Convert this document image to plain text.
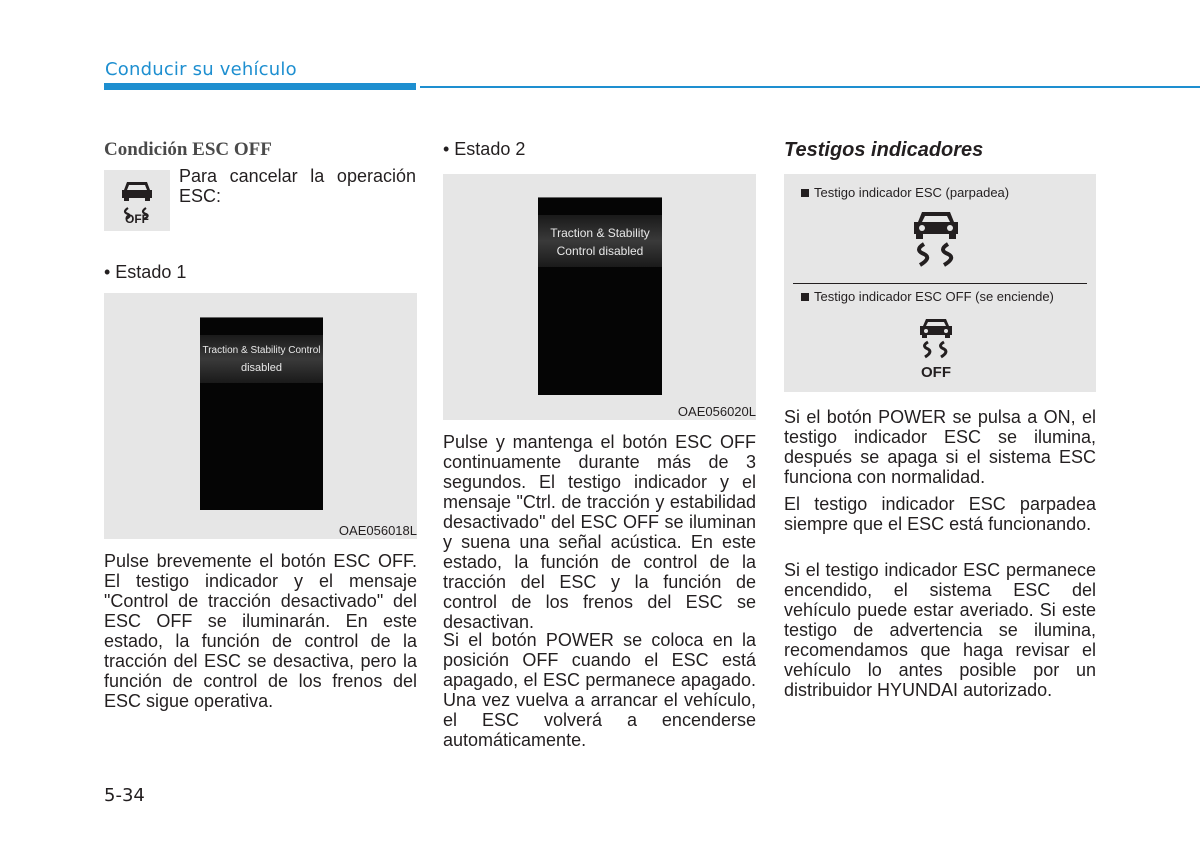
Conducir su vehículo
Condición ESC OFF
OFF

Para cancelar la operación ESC:

• Estado 1
Traction & Stability Control
disabled
OAE056018L

Pulse brevemente el botón ESC OFF. El testigo indicador y el mensaje "Control de tracción desactivado" del ESC OFF se iluminarán. En este estado, la función de control de la tracción del ESC se desactiva, pero la función de control de los frenos del ESC sigue operativa.

• Estado 2
Traction & Stability
Control disabled
OAE056020L

Pulse y mantenga el botón ESC OFF continuamente durante más de 3 segundos. El testigo indicador y el mensaje "Ctrl. de tracción y estabilidad desactivado" del ESC OFF se iluminan y suena una señal acústica. En este estado, la función de control de la tracción del ESC y la función de control de los frenos del ESC se desactivan.

Si el botón POWER se coloca en la posición OFF cuando el ESC está apagado, el ESC permanece apagado. Una vez vuelva a arrancar el vehículo, el ESC volverá a encenderse automáticamente.

Testigos indicadores
Testigo indicador ESC (parpadea)
Testigo indicador ESC OFF (se enciende)
OFF

Si el botón POWER se pulsa a ON, el testigo indicador ESC se ilumina, después se apaga si el sistema ESC funciona con normalidad.

El testigo indicador ESC parpadea siempre que el ESC está funcionando.

Si el testigo indicador ESC permanece encendido, el sistema ESC del vehículo puede estar averiado. Si este testigo de advertencia se ilumina, recomendamos que haga revisar el vehículo lo antes posible por un distribuidor HYUNDAI autorizado.

5-34
